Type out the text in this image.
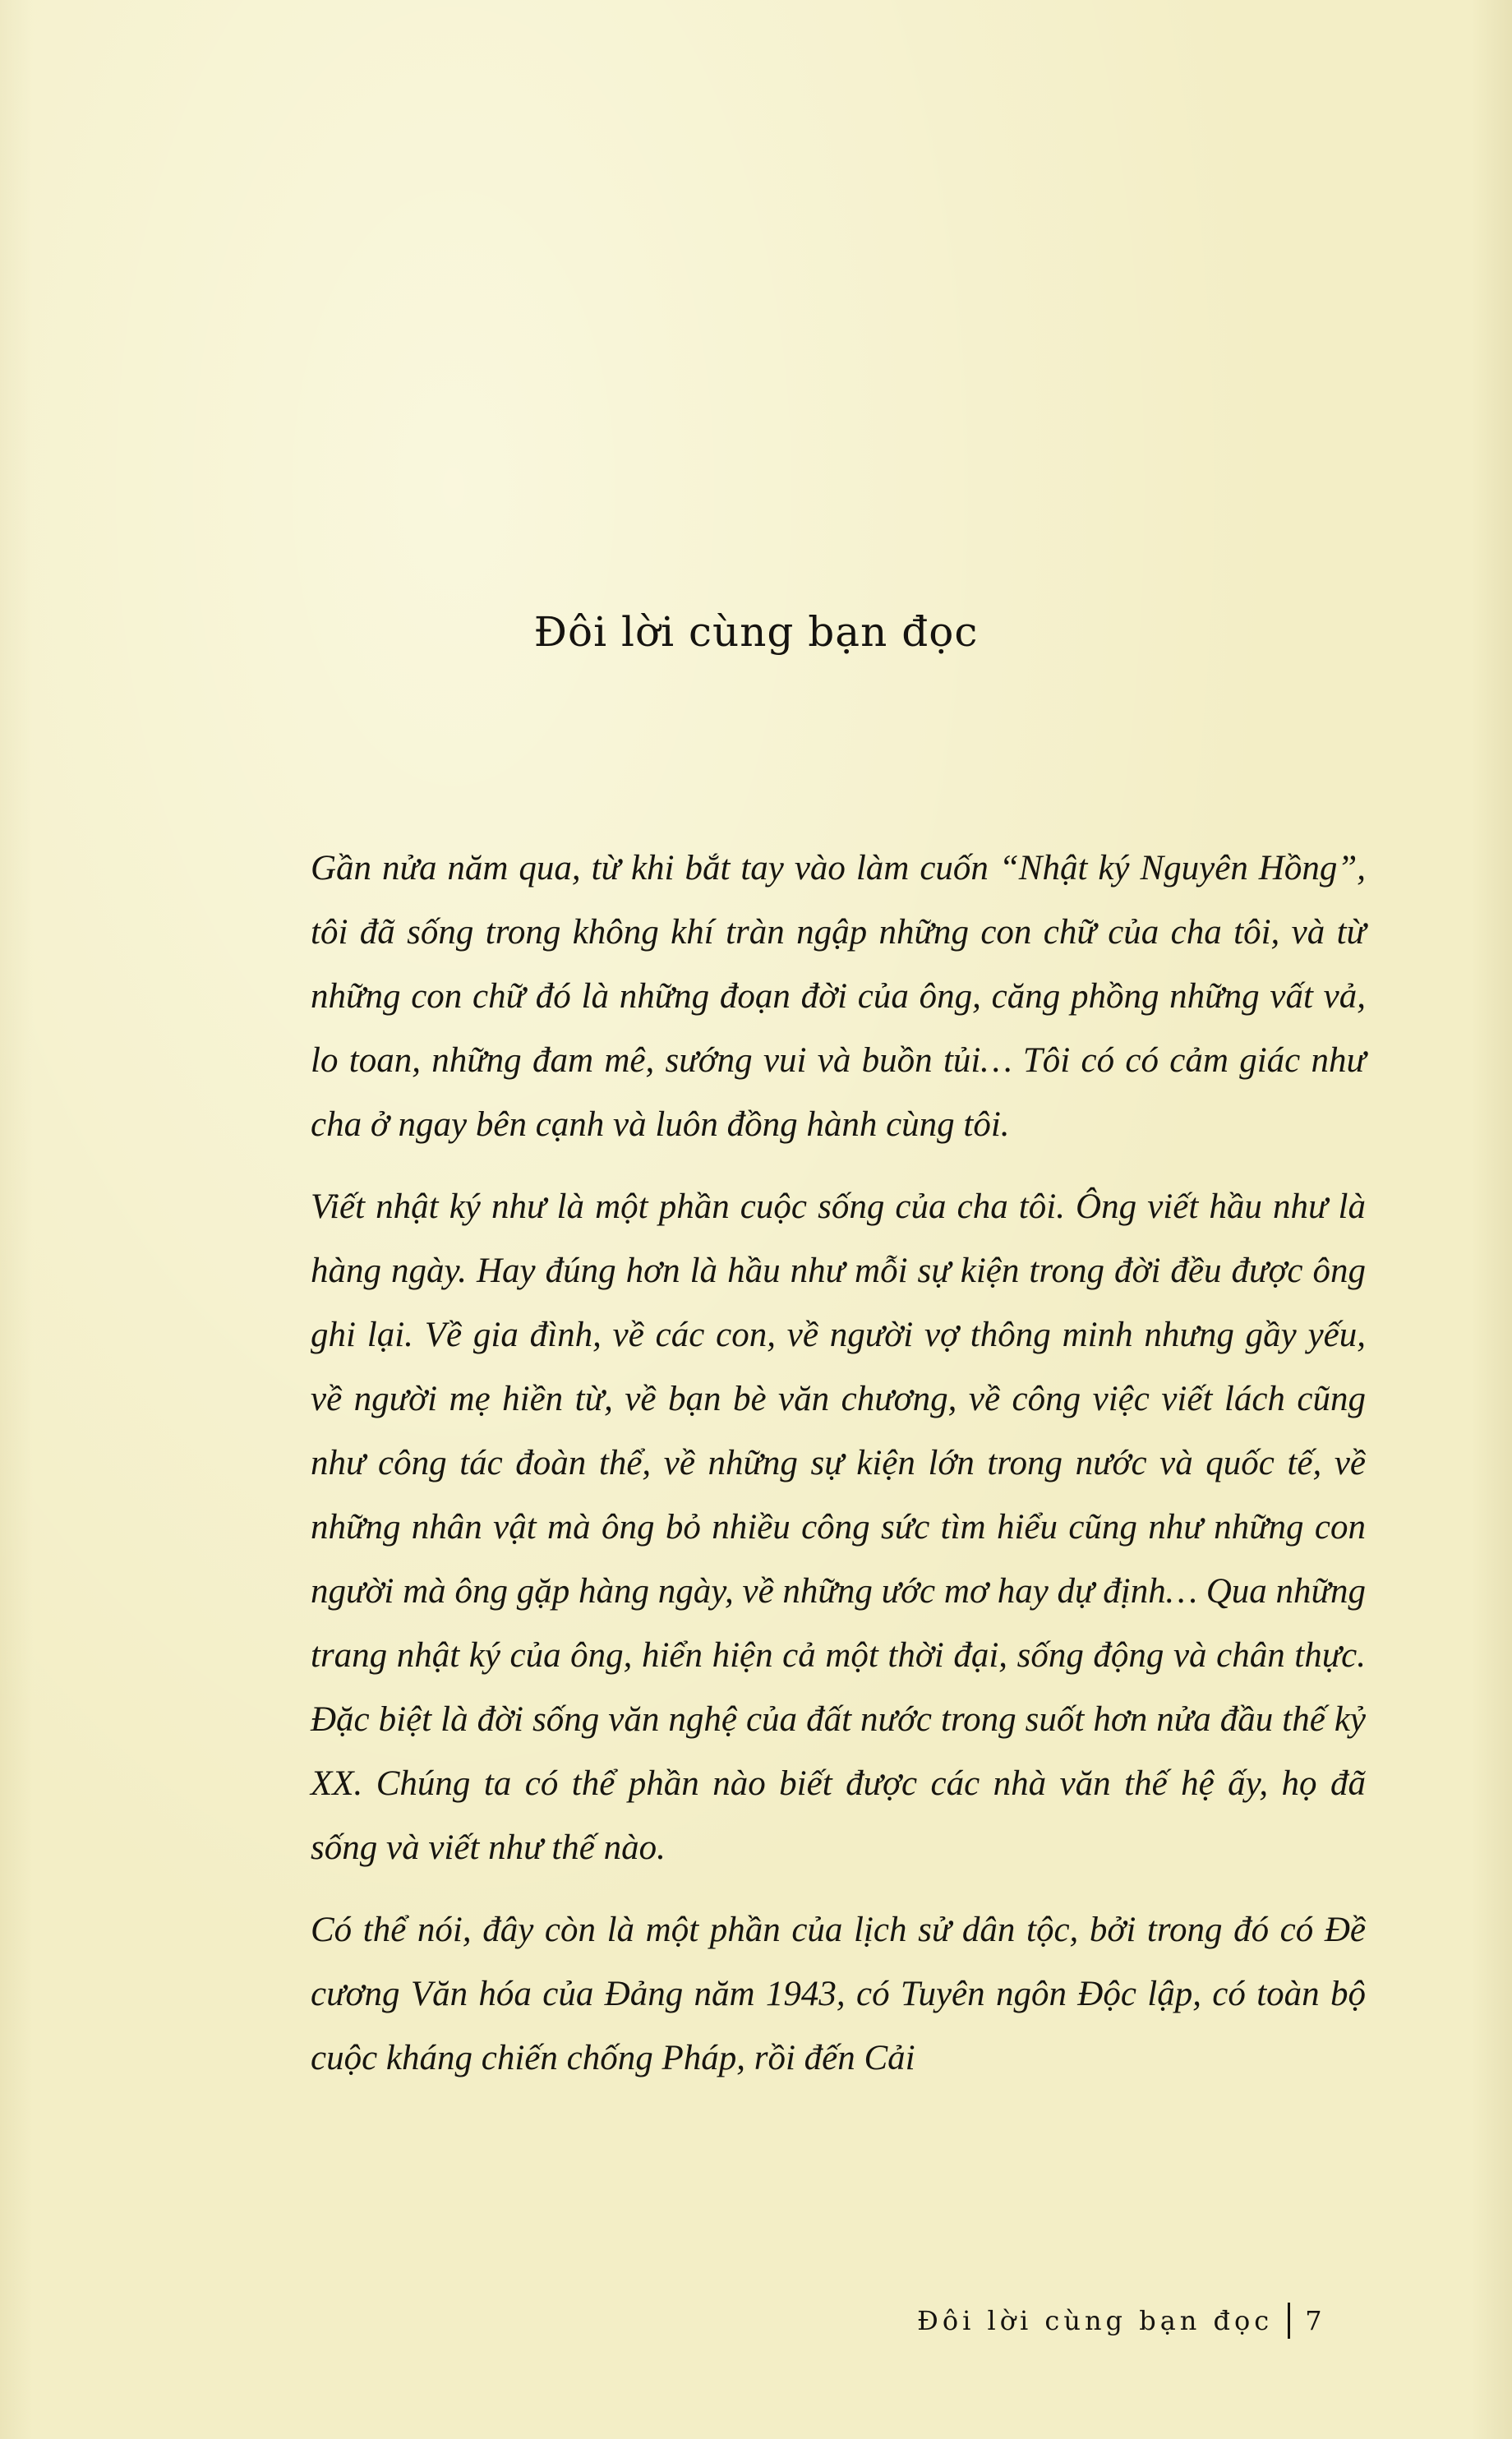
Đôi lời cùng bạn đọc

Gần nửa năm qua, từ khi bắt tay vào làm cuốn “Nhật ký Nguyên Hồng”, tôi đã sống trong không khí tràn ngập những con chữ của cha tôi, và từ những con chữ đó là những đoạn đời của ông, căng phồng những vất vả, lo toan, những đam mê, sướng vui và buồn tủi… Tôi có có cảm giác như cha ở ngay bên cạnh và luôn đồng hành cùng tôi.

Viết nhật ký như là một phần cuộc sống của cha tôi. Ông viết hầu như là hàng ngày. Hay đúng hơn là hầu như mỗi sự kiện trong đời đều được ông ghi lại. Về gia đình, về các con, về người vợ thông minh nhưng gầy yếu, về người mẹ hiền từ, về bạn bè văn chương, về công việc viết lách cũng như công tác đoàn thể, về những sự kiện lớn trong nước và quốc tế, về những nhân vật mà ông bỏ nhiều công sức tìm hiểu cũng như những con người mà ông gặp hàng ngày, về những ước mơ hay dự định… Qua những trang nhật ký của ông, hiển hiện cả một thời đại, sống động và chân thực. Đặc biệt là đời sống văn nghệ của đất nước trong suốt hơn nửa đầu thế kỷ XX. Chúng ta có thể phần nào biết được các nhà văn thế hệ ấy, họ đã sống và viết như thế nào.

Có thể nói, đây còn là một phần của lịch sử dân tộc, bởi trong đó có Đề cương Văn hóa của Đảng năm 1943, có Tuyên ngôn Độc lập, có toàn bộ cuộc kháng chiến chống Pháp, rồi đến Cải

Đôi lời cùng bạn đọc 7
